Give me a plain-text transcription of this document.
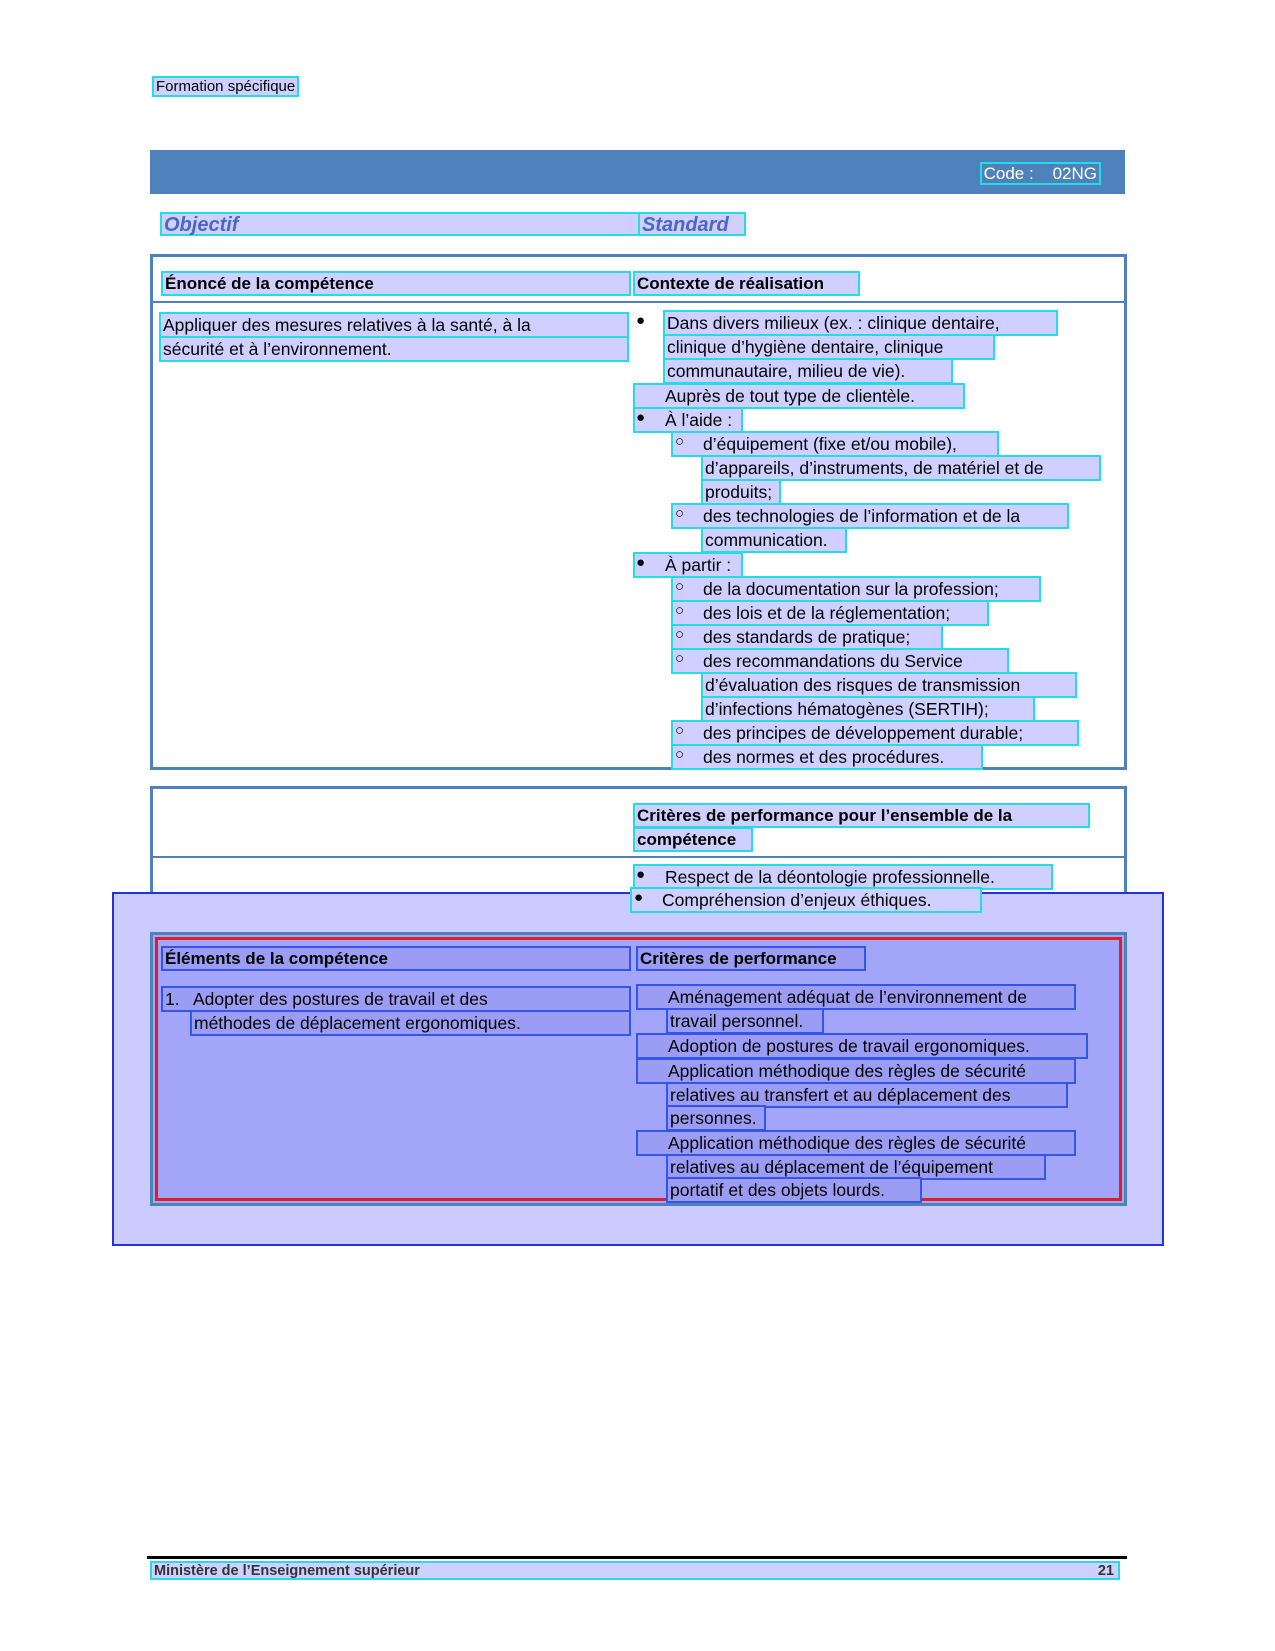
Formation spécifique
Code :    02NG
Objectif	Standard
Énoncé de la compétence	Contexte de réalisation
Appliquer des mesures relatives à la santé, à la
sécurité et à l’environnement.
● Dans divers milieux (ex. : clinique dentaire,
clinique d’hygiène dentaire, clinique
communautaire, milieu de vie).
Auprès de tout type de clientèle.
À l’aide :
●
d’équipement (fixe et/ou mobile),
○
d’appareils, d’instruments, de matériel et de
produits;
des technologies de l’information et de la
○
communication.
À partir :
●
de la documentation sur la profession;
○
des lois et de la réglementation;
○
des standards de pratique;
○
des recommandations du Service
○
d’évaluation des risques de transmission
d’infections hématogènes (SERTIH);
des principes de développement durable;
○
des normes et des procédures.
○
Critères de performance pour l’ensemble de la
compétence
Respect de la déontologie professionnelle.
●
Compréhension d’enjeux éthiques.
●
Éléments de la compétence	Critères de performance
1. Adopter des postures de travail et des
méthodes de déplacement ergonomiques.
Aménagement adéquat de l’environnement de
travail personnel.
Adoption de postures de travail ergonomiques.
Application méthodique des règles de sécurité
relatives au transfert et au déplacement des
personnes.
Application méthodique des règles de sécurité
relatives au déplacement de l’équipement
portatif et des objets lourds.
Ministère de l’Enseignement supérieur	21
